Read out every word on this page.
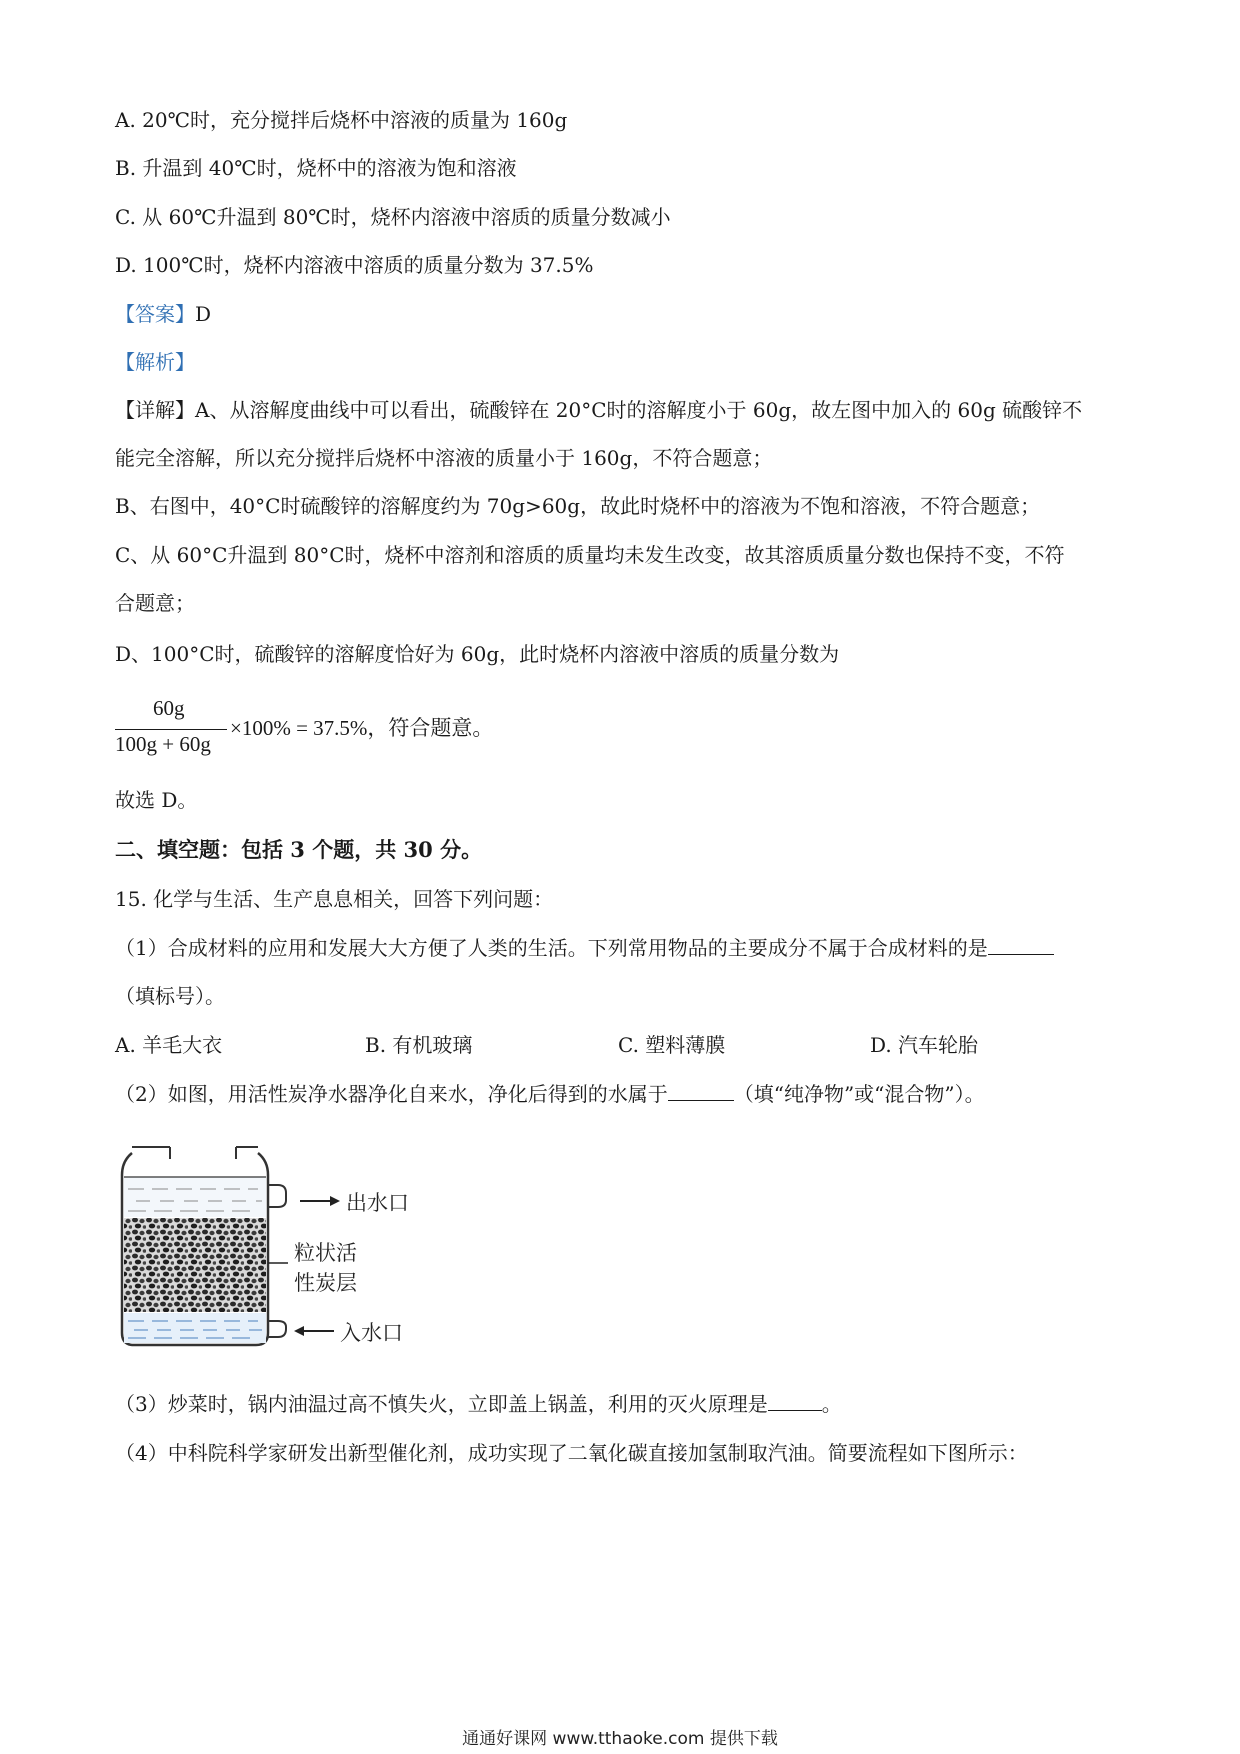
A. 20℃时，充分搅拌后烧杯中溶液的质量为 160g
B. 升温到 40℃时，烧杯中的溶液为饱和溶液
C. 从 60℃升温到 80℃时，烧杯内溶液中溶质的质量分数减小
D. 100℃时，烧杯内溶液中溶质的质量分数为 37.5%
【答案】D
【解析】
【详解】A、从溶解度曲线中可以看出，硫酸锌在 20°C时的溶解度小于 60g，故左图中加入的 60g 硫酸锌不
能完全溶解，所以充分搅拌后烧杯中溶液的质量小于 160g，不符合题意；
B、右图中，40°C时硫酸锌的溶解度约为 70g>60g，故此时烧杯中的溶液为不饱和溶液，不符合题意；
C、从 60°C升温到 80°C时，烧杯中溶剂和溶质的质量均未发生改变，故其溶质质量分数也保持不变，不符
合题意；
D、100°C时，硫酸锌的溶解度恰好为 60g，此时烧杯内溶液中溶质的质量分数为
60g
100g + 60g
×100% = 37.5%，符合题意。
故选 D。
二、填空题：包括 3 个题，共 30 分。
15. 化学与生活、生产息息相关，回答下列问题：
（1）合成材料的应用和发展大大方便了人类的生活。下列常用物品的主要成分不属于合成材料的是
（填标号）。
A. 羊毛大衣	B. 有机玻璃	C. 塑料薄膜	D. 汽车轮胎
（2）如图，用活性炭净水器净化自来水，净化后得到的水属于	（填“纯净物”或“混合物”）。
出水口
粒状活
性炭层
入水口
（3）炒菜时，锅内油温过高不慎失火，立即盖上锅盖，利用的灭火原理是	。
（4）中科院科学家研发出新型催化剂，成功实现了二氧化碳直接加氢制取汽油。简要流程如下图所示：
通通好课网 www.tthaoke.com 提供下载
